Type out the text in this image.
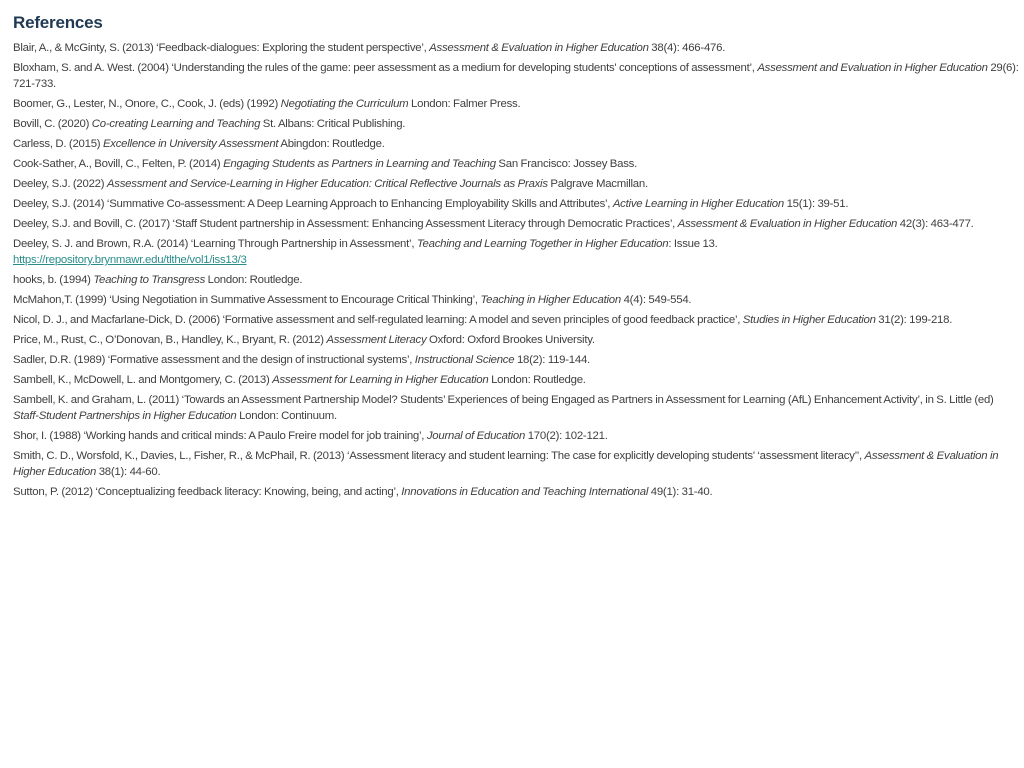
References
Blair, A., & McGinty, S. (2013) ‘Feedback-dialogues: Exploring the student perspective’, Assessment & Evaluation in Higher Education 38(4): 466-476.
Bloxham, S. and A. West. (2004) ‘Understanding the rules of the game: peer assessment as a medium for developing students' conceptions of assessment’, Assessment and Evaluation in Higher Education 29(6): 721-733.
Boomer, G., Lester, N., Onore, C., Cook, J. (eds) (1992) Negotiating the Curriculum London: Falmer Press.
Bovill, C. (2020) Co-creating Learning and Teaching St. Albans: Critical Publishing.
Carless, D. (2015) Excellence in University Assessment Abingdon: Routledge.
Cook-Sather, A., Bovill, C., Felten, P. (2014) Engaging Students as Partners in Learning and Teaching San Francisco: Jossey Bass.
Deeley, S.J. (2022) Assessment and Service-Learning in Higher Education: Critical Reflective Journals as Praxis Palgrave Macmillan.
Deeley, S.J. (2014) ‘Summative Co-assessment: A Deep Learning Approach to Enhancing Employability Skills and Attributes’, Active Learning in Higher Education 15(1): 39-51.
Deeley, S.J. and Bovill, C. (2017) ‘Staff Student partnership in Assessment: Enhancing Assessment Literacy through Democratic Practices’, Assessment & Evaluation in Higher Education 42(3): 463-477.
Deeley, S. J. and Brown, R.A. (2014) ‘Learning Through Partnership in Assessment’, Teaching and Learning Together in Higher Education: Issue 13.
https://repository.brynmawr.edu/tlthe/vol1/iss13/3
hooks, b. (1994) Teaching to Transgress London: Routledge.
McMahon,T. (1999) ‘Using Negotiation in Summative Assessment to Encourage Critical Thinking’, Teaching in Higher Education 4(4): 549-554.
Nicol, D. J., and Macfarlane-Dick, D. (2006) ‘Formative assessment and self-regulated learning: A model and seven principles of good feedback practice’, Studies in Higher Education 31(2): 199-218.
Price, M., Rust, C., O’Donovan, B., Handley, K., Bryant, R. (2012) Assessment Literacy Oxford: Oxford Brookes University.
Sadler, D.R. (1989) ‘Formative assessment and the design of instructional systems’, Instructional Science 18(2): 119-144.
Sambell, K., McDowell, L. and Montgomery, C. (2013) Assessment for Learning in Higher Education London: Routledge.
Sambell, K. and Graham, L. (2011) ‘Towards an Assessment Partnership Model? Students’ Experiences of being Engaged as Partners in Assessment for Learning (AfL) Enhancement Activity’, in S. Little (ed) Staff-Student Partnerships in Higher Education London: Continuum.
Shor, I. (1988) ‘Working hands and critical minds: A Paulo Freire model for job training’, Journal of Education 170(2): 102-121.
Smith, C. D., Worsfold, K., Davies, L., Fisher, R., & McPhail, R. (2013) ‘Assessment literacy and student learning: The case for explicitly developing students' ‘assessment literacy’’, Assessment & Evaluation in Higher Education 38(1): 44-60.
Sutton, P. (2012) ‘Conceptualizing feedback literacy: Knowing, being, and acting’, Innovations in Education and Teaching International 49(1): 31-40.
